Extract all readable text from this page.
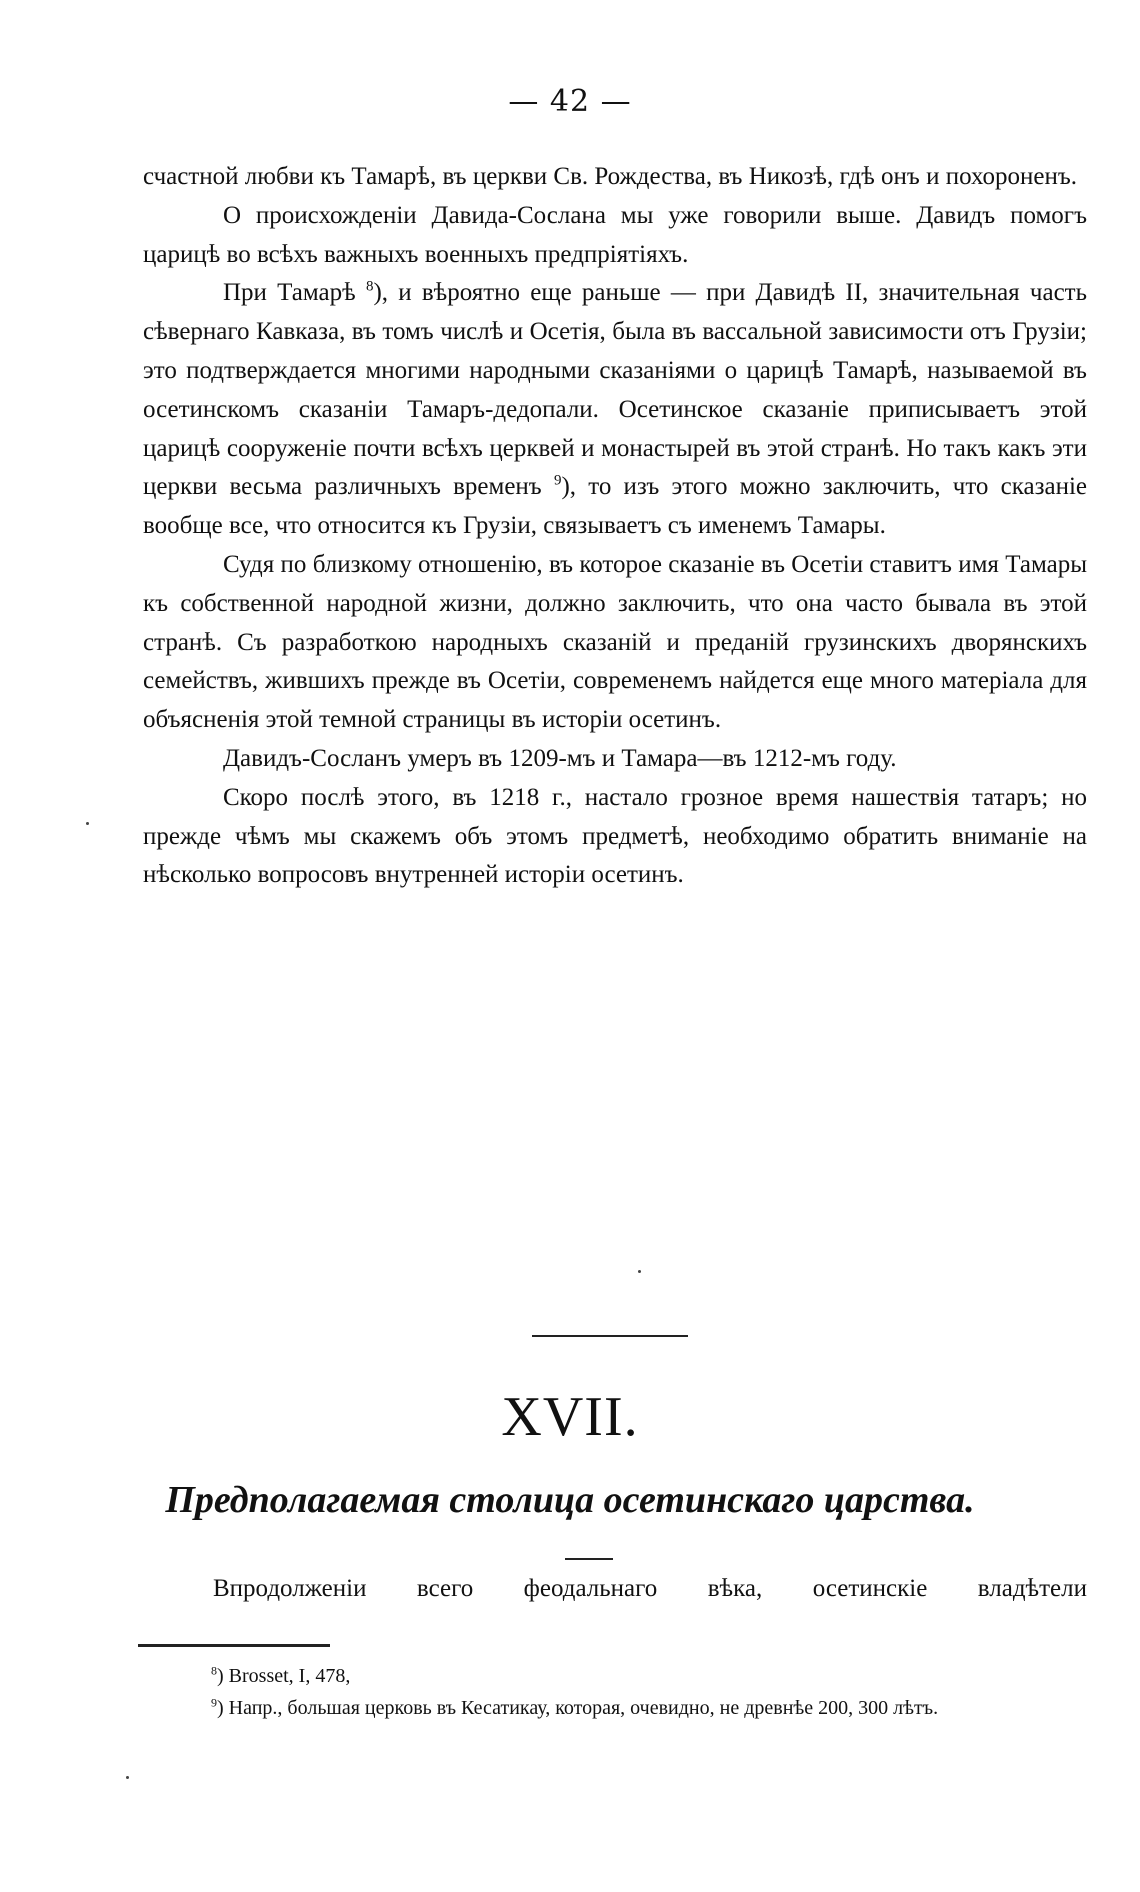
— 42 —

счастной любви къ Тамарѣ, въ церкви Св. Рождества, въ Никозѣ, гдѣ онъ и похороненъ.

О происхожденіи Давида-Сослана мы уже говорили выше. Давидъ помогъ царицѣ во всѣхъ важныхъ военныхъ предпріятіяхъ.

При Тамарѣ $^8$), и вѣроятно еще раньше — при Давидѣ II, значительная часть сѣвернаго Кавказа, въ томъ числѣ и Осетія, была въ вассальной зависимости отъ Грузіи; это подтверждается многими народными сказаніями о царицѣ Тамарѣ, называемой въ осетинскомъ сказаніи Тамаръ-дедопали. Осетинское сказаніе приписываетъ этой царицѣ сооруженіе почти всѣхъ церквей и монастырей въ этой странѣ. Но такъ какъ эти церкви весьма различныхъ временъ $^9$), то изъ этого можно заключить, что сказаніе вообще все, что относится къ Грузіи, связываетъ съ именемъ Тамары.

Судя по близкому отношенію, въ которое сказаніе въ Осетіи ставитъ имя Тамары къ собственной народной жизни, должно заключить, что она часто бывала въ этой странѣ. Съ разработкою народныхъ сказаній и преданій грузинскихъ дворянскихъ семействъ, жившихъ прежде въ Осетіи, современемъ найдется еще много матеріала для объясненія этой темной страницы въ исторіи осетинъ.

Давидъ-Сосланъ умеръ въ 1209-мъ и Тамара—въ 1212-мъ году.

Скоро послѣ этого, въ 1218 г., настало грозное время нашествія татаръ; но прежде чѣмъ мы скажемъ объ этомъ предметѣ, необходимо обратить вниманіе на нѣсколько вопросовъ внутренней исторіи осетинъ.

XVII.
Предполагаемая столица осетинскаго царства.
Впродолженіи всего феодальнаго вѣка, осетинскіе владѣтели

$^8$) Brosset, I, 478,

$^9$) Напр., большая церковь въ Кесатикау, которая, очевидно, не древнѣе 200, 300 лѣтъ.
